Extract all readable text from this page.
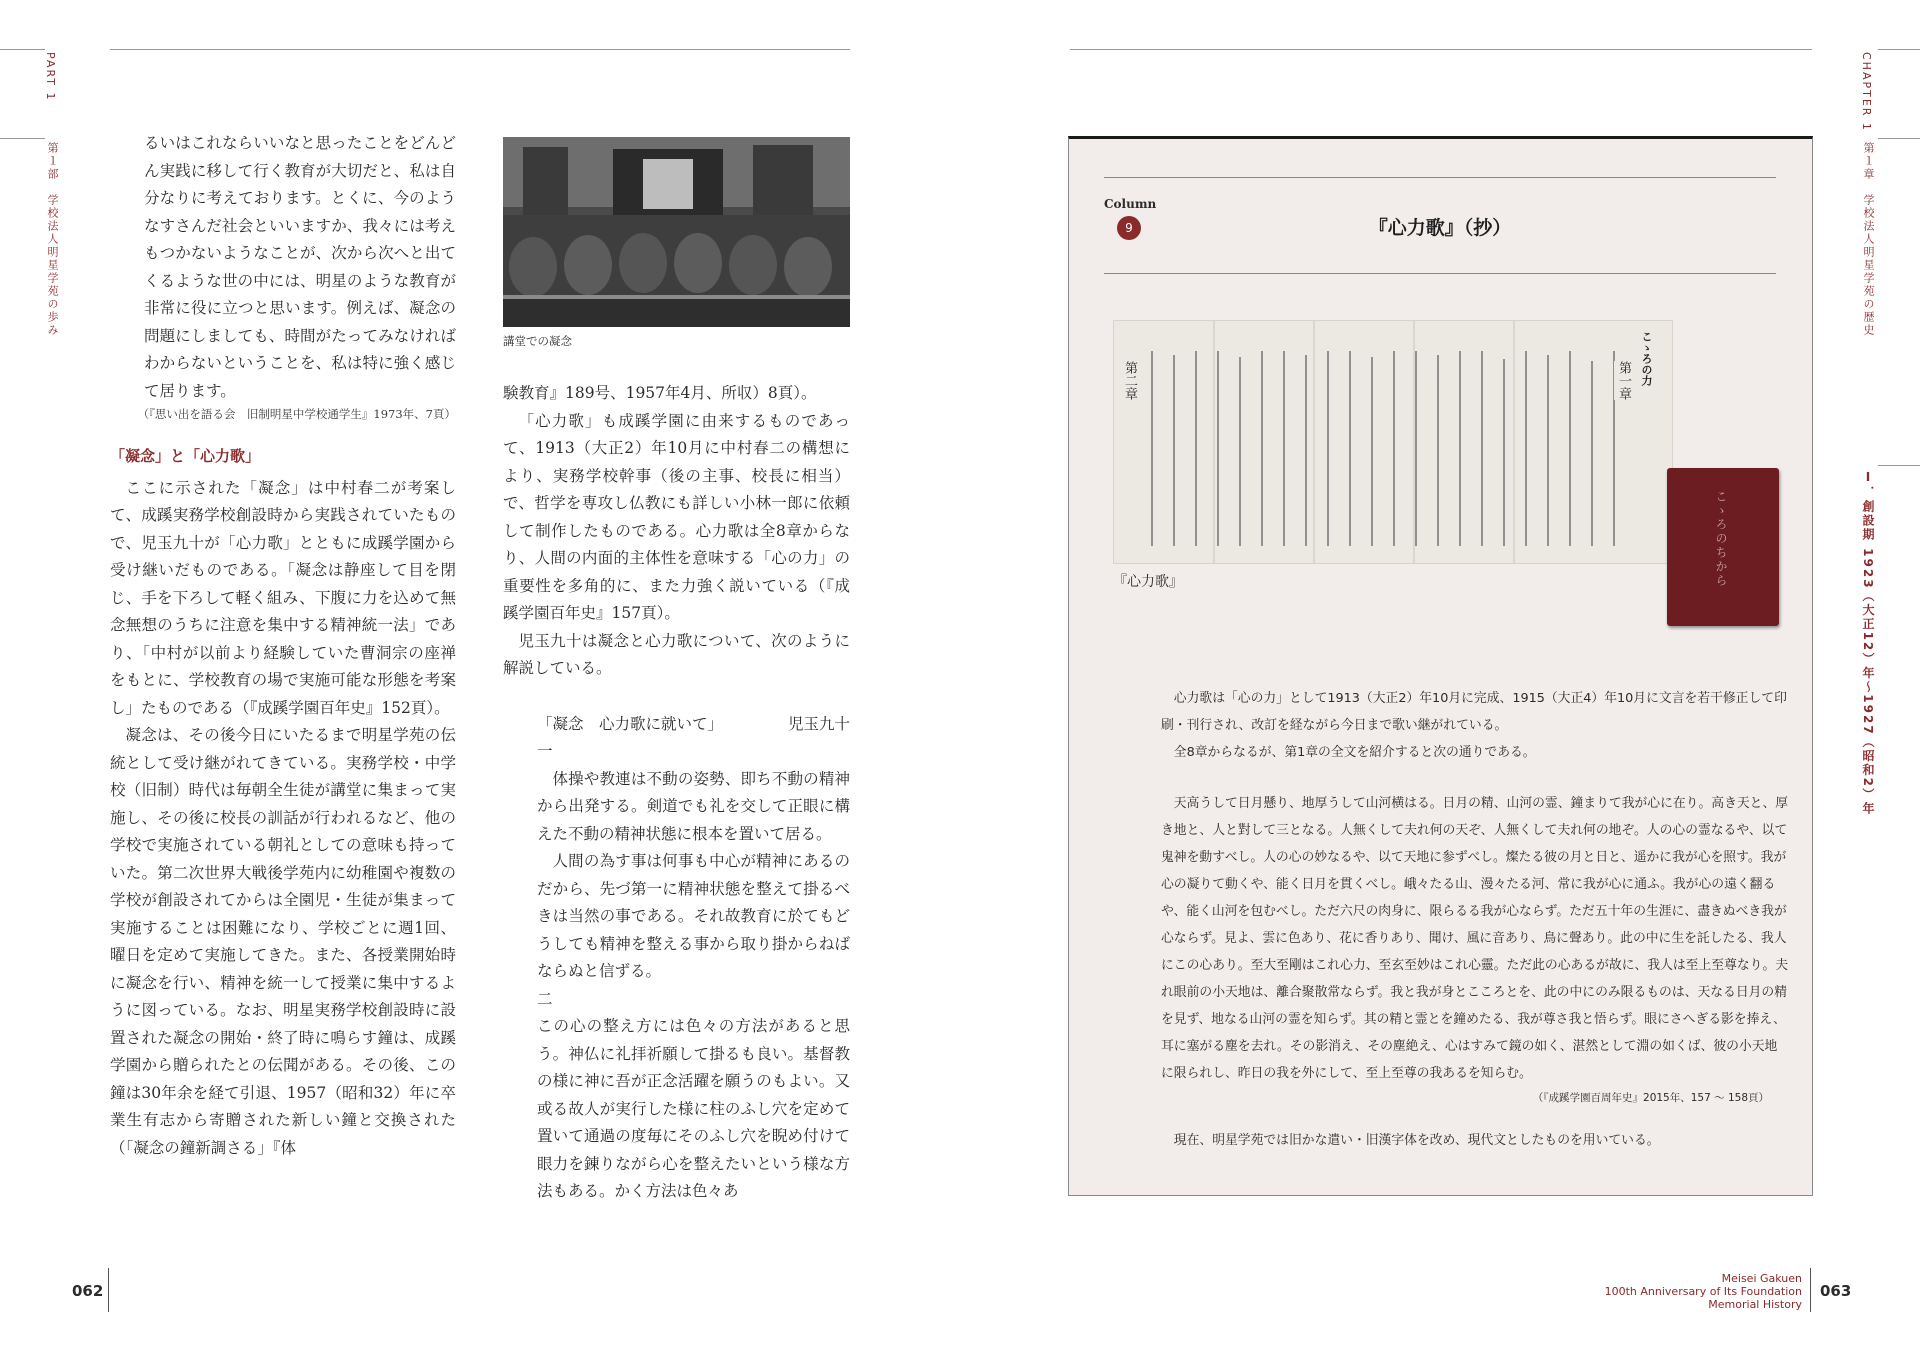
PART 1
第１部　学校法人明星学苑の歩み
CHAPTER 1
第１章　学校法人明星学苑の歴史
Ⅰ．創設期 1923（大正12）年〜1927（昭和2）年

るいはこれならいいなと思ったことをどんどん実践に移して行く教育が大切だと、私は自分なりに考えております。とくに、今のようなすさんだ社会といいますか、我々には考えもつかないようなことが、次から次へと出てくるような世の中には、明星のような教育が非常に役に立つと思います。例えば、凝念の問題にしましても、時間がたってみなければわからないということを、私は特に強く感じて居ります。

（『思い出を語る会　旧制明星中学校通学生』1973年、7頁）

「凝念」と「心力歌」

ここに示された「凝念」は中村春二が考案して、成蹊実務学校創設時から実践されていたもので、児玉九十が「心力歌」とともに成蹊学園から受け継いだものである。「凝念は静座して目を閉じ、手を下ろして軽く組み、下腹に力を込めて無念無想のうちに注意を集中する精神統一法」であり、「中村が以前より経験していた曹洞宗の座禅をもとに、学校教育の場で実施可能な形態を考案し」たものである（『成蹊学園百年史』152頁）。

凝念は、その後今日にいたるまで明星学苑の伝統として受け継がれてきている。実務学校・中学校（旧制）時代は毎朝全生徒が講堂に集まって実施し、その後に校長の訓話が行われるなど、他の学校で実施されている朝礼としての意味も持っていた。第二次世界大戦後学苑内に幼稚園や複数の学校が創設されてからは全園児・生徒が集まって実施することは困難になり、学校ごとに週1回、曜日を定めて実施してきた。また、各授業開始時に凝念を行い、精神を統一して授業に集中するように図っている。なお、明星実務学校創設時に設置された凝念の開始・終了時に鳴らす鐘は、成蹊学園から贈られたとの伝聞がある。その後、この鐘は30年余を経て引退、1957（昭和32）年に卒業生有志から寄贈された新しい鐘と交換された（「凝念の鐘新調さる」『体

講堂での凝念

験教育』189号、1957年4月、所収）8頁）。

「心力歌」も成蹊学園に由来するものであって、1913（大正2）年10月に中村春二の構想により、実務学校幹事（後の主事、校長に相当）で、哲学を専攻し仏教にも詳しい小林一郎に依頼して制作したものである。心力歌は全8章からなり、人間の内面的主体性を意味する「心の力」の重要性を多角的に、また力強く説いている（『成蹊学園百年史』157頁）。

児玉九十は凝念と心力歌について、次のように解説している。

「凝念　心力歌に就いて」	児玉九十

一

体操や教連は不動の姿勢、即ち不動の精神から出発する。剣道でも礼を交して正眼に構えた不動の精神状態に根本を置いて居る。

人間の為す事は何事も中心が精神にあるのだから、先づ第一に精神状態を整えて掛るべきは当然の事である。それ故教育に於てもどうしても精神を整える事から取り掛からねばならぬと信ずる。

二

この心の整え方には色々の方法があると思う。神仏に礼拝祈願して掛るも良い。基督教の様に神に吾が正念活躍を願うのもよい。又或る故人が実行した様に柱のふし穴を定めて置いて通過の度毎にそのふし穴を睨め付けて眼力を錬りながら心を整えたいという様な方法もある。かく方法は色々あ

062
Column
9	『心力歌』（抄）
こゝろの力
第一章
第二章
こゝろのちから
『心力歌』

心力歌は「心の力」として1913（大正2）年10月に完成、1915（大正4）年10月に文言を若干修正して印刷・刊行され、改訂を経ながら今日まで歌い継がれている。

全8章からなるが、第1章の全文を紹介すると次の通りである。

天高うして日月懸り、地厚うして山河横はる。日月の精、山河の霊、鐘まりて我が心に在り。高き天と、厚き地と、人と對して三となる。人無くして夫れ何の天ぞ、人無くして夫れ何の地ぞ。人の心の霊なるや、以て鬼神を動すべし。人の心の妙なるや、以て天地に参ずべし。燦たる彼の月と日と、遥かに我が心を照す。我が心の凝りて動くや、能く日月を貫くべし。峨々たる山、漫々たる河、常に我が心に通ふ。我が心の遠く翻るや、能く山河を包むべし。ただ六尺の肉身に、限らるる我が心ならず。ただ五十年の生涯に、盡きぬべき我が心ならず。見よ、雲に色あり、花に香りあり、聞け、風に音あり、鳥に聲あり。此の中に生を託したる、我人にこの心あり。至大至剛はこれ心力、至玄至妙はこれ心靈。ただ此の心あるが故に、我人は至上至尊なり。夫れ眼前の小天地は、離合聚散常ならず。我と我が身とこころとを、此の中にのみ限るものは、天なる日月の精を見ず、地なる山河の霊を知らず。其の精と霊とを鐘めたる、我が尊さ我と悟らず。眼にさへぎる影を捧え、耳に塞がる塵を去れ。その影消え、その塵絶え、心はすみて鏡の如く、湛然として淵の如くば、彼の小天地に限られし、昨日の我を外にして、至上至尊の我あるを知らむ。

（『成蹊学園百周年史』2015年、157 〜 158頁）

現在、明星学苑では旧かな遣い・旧漢字体を改め、現代文としたものを用いている。

Meisei Gakuen
100th Anniversary of Its Foundation
Memorial History
063
